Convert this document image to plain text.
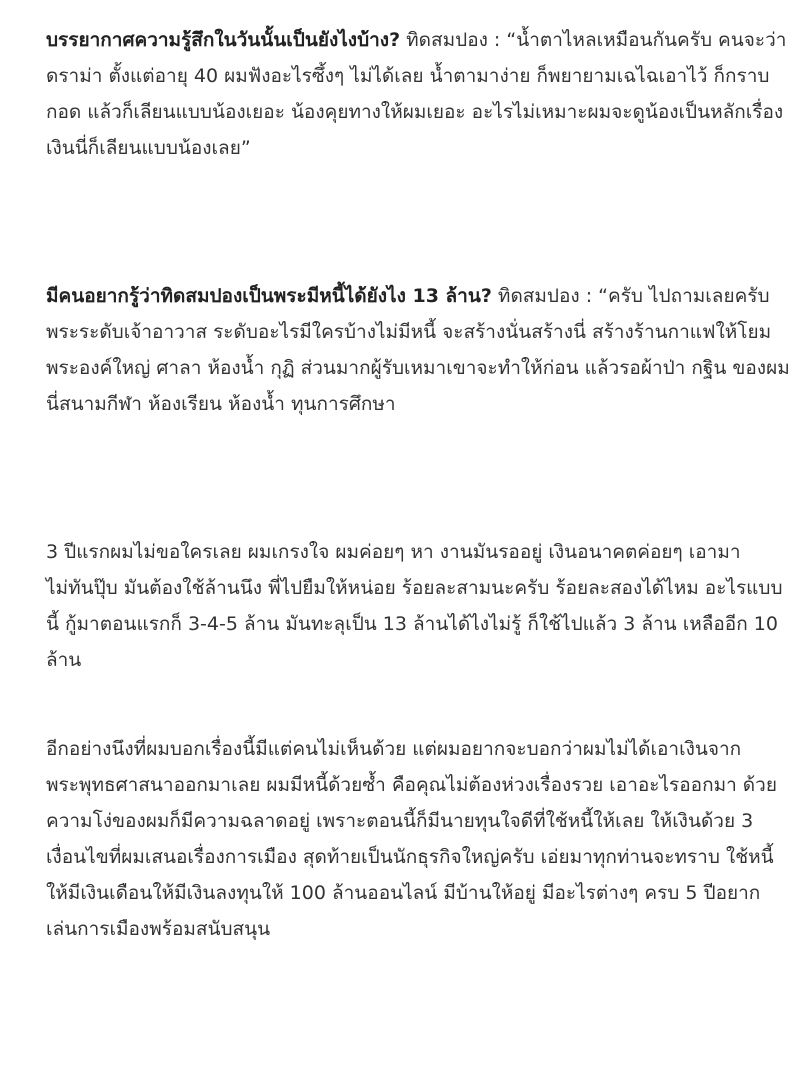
บรรยากาศความรู้สึกในวันนั้นเป็นยังไงบ้าง? ทิดสมปอง : “น้ำตาไหลเหมือนกันครับ คนจะว่าดราม่า ตั้งแต่อายุ 40 ผมฟังอะไรซึ้งๆ ไม่ได้เลย น้ำตามาง่าย ก็พยายามเฉไฉเอาไว้ ก็กราบ กอด แล้วก็เลียนแบบน้องเยอะ น้องคุยทางให้ผมเยอะ อะไรไม่เหมาะผมจะดูน้องเป็นหลักเรื่องเงินนี่ก็เลียนแบบน้องเลย”

มีคนอยากรู้ว่าทิดสมปองเป็นพระมีหนี้ได้ยังไง 13 ล้าน? ทิดสมปอง : “ครับ ไปถามเลยครับ พระระดับเจ้าอาวาส ระดับอะไรมีใครบ้างไม่มีหนี้ จะสร้างนั่นสร้างนี่ สร้างร้านกาแฟให้โยม พระองค์ใหญ่ ศาลา ห้องน้ำ กุฏิ ส่วนมากผู้รับเหมาเขาจะทำให้ก่อน แล้วรอผ้าป่า กฐิน ของผมนี่สนามกีฬา ห้องเรียน ห้องน้ำ ทุนการศึกษา

3 ปีแรกผมไม่ขอใครเลย ผมเกรงใจ ผมค่อยๆ หา งานมันรออยู่ เงินอนาคตค่อยๆ เอามา ไม่ทันปุ๊บ มันต้องใช้ล้านนึง พี่ไปยืมให้หน่อย ร้อยละสามนะครับ ร้อยละสองได้ไหม อะไรแบบนี้ กู้มาตอนแรกก็ 3-4-5 ล้าน มันทะลุเป็น 13 ล้านได้ไงไม่รู้ ก็ใช้ไปแล้ว 3 ล้าน เหลืออีก 10 ล้าน

อีกอย่างนึงที่ผมบอกเรื่องนี้มีแต่คนไม่เห็นด้วย แต่ผมอยากจะบอกว่าผมไม่ได้เอาเงินจากพระพุทธศาสนาออกมาเลย ผมมีหนี้ด้วยซ้ำ คือคุณไม่ต้องห่วงเรื่องรวย เอาอะไรออกมา ด้วยความโง่ของผมก็มีความฉลาดอยู่ เพราะตอนนี้ก็มีนายทุนใจดีที่ใช้หนี้ให้เลย ให้เงินด้วย 3 เงื่อนไขที่ผมเสนอเรื่องการเมือง สุดท้ายเป็นนักธุรกิจใหญ่ครับ เอ่ยมาทุกท่านจะทราบ ใช้หนี้ให้มีเงินเดือนให้มีเงินลงทุนให้ 100 ล้านออนไลน์ มีบ้านให้อยู่ มีอะไรต่างๆ ครบ 5 ปีอยากเล่นการเมืองพร้อมสนับสนุน
